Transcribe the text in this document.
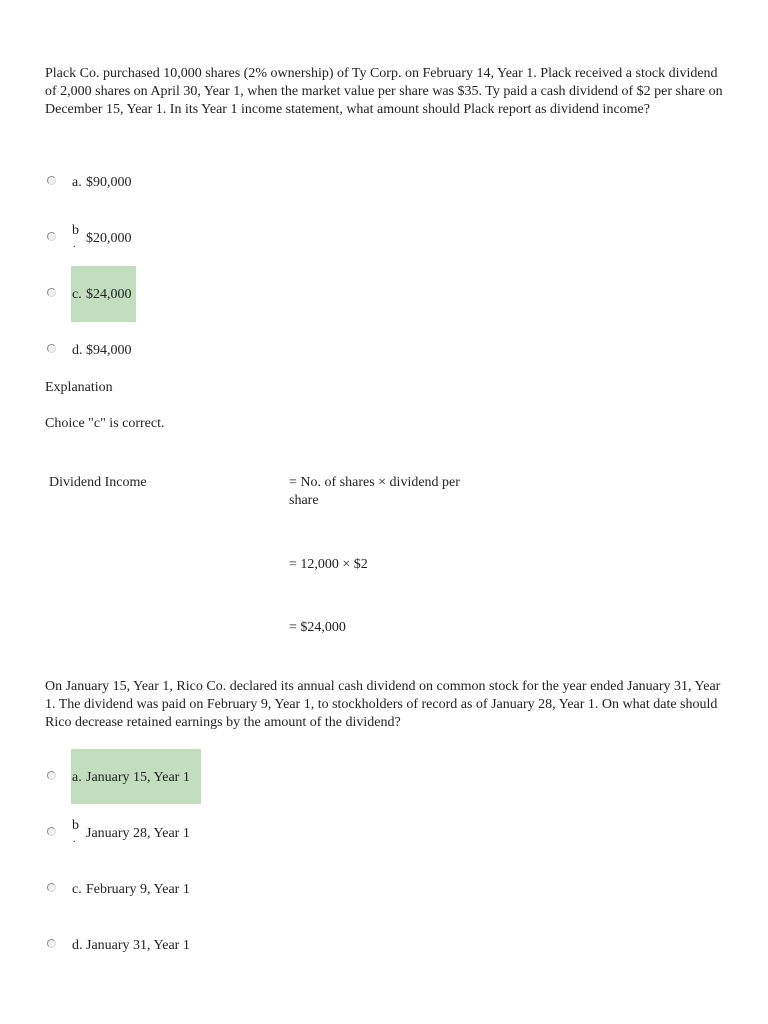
Plack Co. purchased 10,000 shares (2% ownership) of Ty Corp. on February 14, Year 1. Plack received a stock dividend of 2,000 shares on April 30, Year 1, when the market value per share was $35. Ty paid a cash dividend of $2 per share on December 15, Year 1. In its Year 1 income statement, what amount should Plack report as dividend income?
a. $90,000
b
. $20,000
c. $24,000
d. $94,000
Explanation
Choice "c" is correct.
Dividend Income	= No. of shares × dividend per share
= 12,000 × $2
= $24,000
On January 15, Year 1, Rico Co. declared its annual cash dividend on common stock for the year ended January 31, Year 1. The dividend was paid on February 9, Year 1, to stockholders of record as of January 28, Year 1. On what date should Rico decrease retained earnings by the amount of the dividend?
a. January 15, Year 1
b
. January 28, Year 1
c. February 9, Year 1
d. January 31, Year 1
